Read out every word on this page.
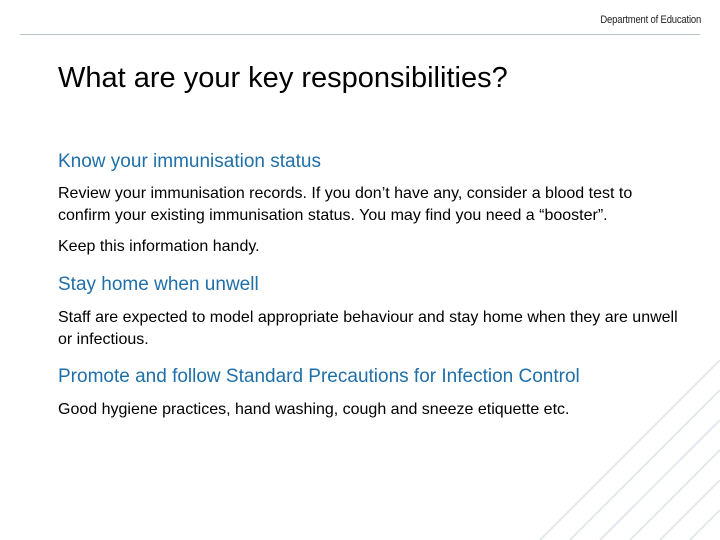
Department of Education
What are your key responsibilities?

Know your immunisation status

Review your immunisation records. If you don’t have any, consider a blood test to confirm your existing immunisation status. You may find you need a “booster”.

Keep this information handy.

Stay home when unwell

Staff are expected to model appropriate behaviour and stay home when they are unwell or infectious.

Promote and follow Standard Precautions for Infection Control

Good hygiene practices, hand washing, cough and sneeze etiquette etc.
